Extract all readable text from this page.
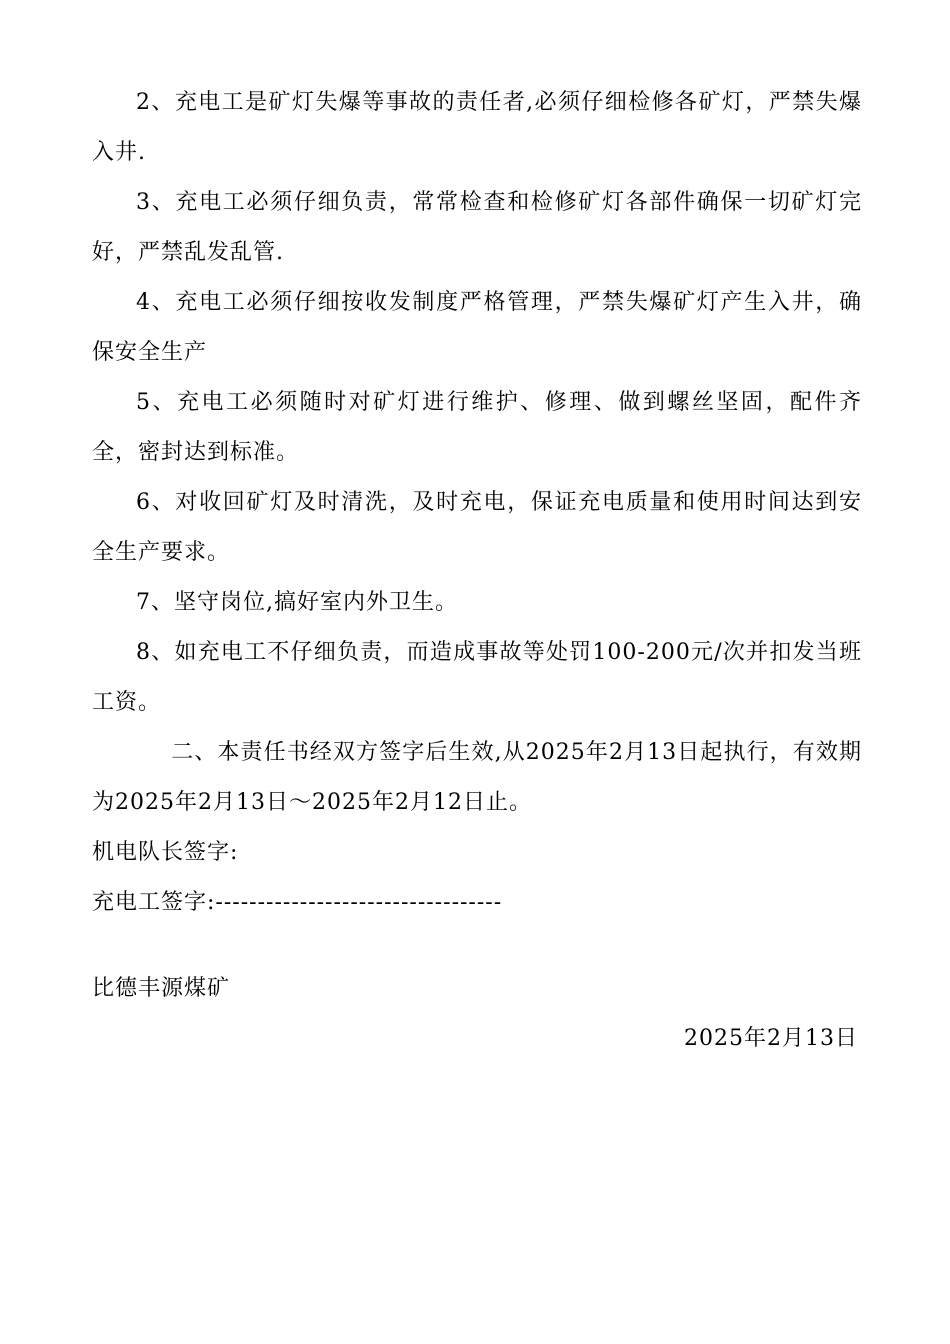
2、充电工是矿灯失爆等事故的责任者,必须仔细检修各矿灯，严禁失爆入井.

3、充电工必须仔细负责，常常检查和检修矿灯各部件确保一切矿灯完好，严禁乱发乱管.

4、充电工必须仔细按收发制度严格管理，严禁失爆矿灯产生入井，确保安全生产

5、充电工必须随时对矿灯进行维护、修理、做到螺丝坚固，配件齐全，密封达到标准。

6、对收回矿灯及时清洗，及时充电，保证充电质量和使用时间达到安全生产要求。

7、坚守岗位,搞好室内外卫生。

8、如充电工不仔细负责，而造成事故等处罚100-200元/次并扣发当班工资。

二、本责任书经双方签字后生效,从2025年2月13日起执行，有效期为2025年2月13日～2025年2月12日止。

机电队长签字:

充电工签字:----------------------------------

比德丰源煤矿

2025年2月13日
